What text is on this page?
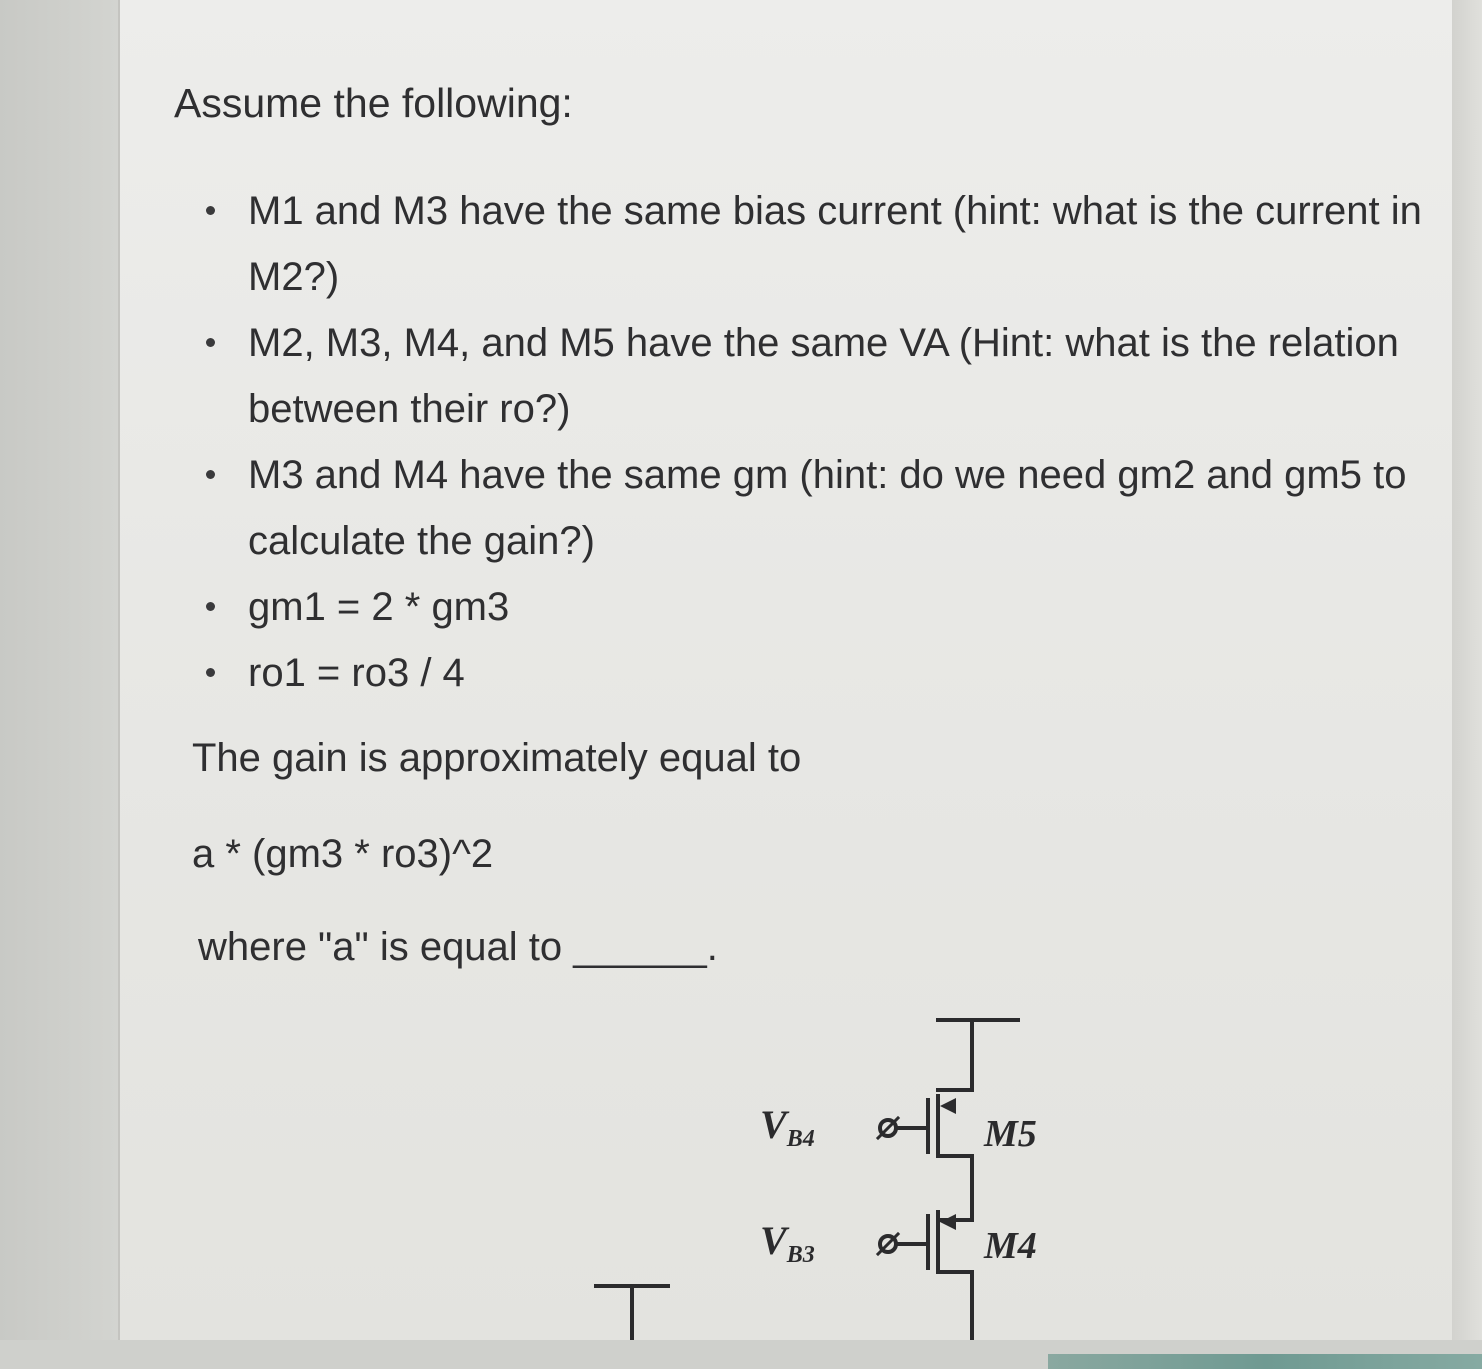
Assume the following:

M1 and M3 have the same bias current (hint: what is the current in M2?)
M2, M3, M4, and M5 have the same VA (Hint: what is the relation between their ro?)
M3 and M4 have the same gm (hint: do we need gm2 and gm5 to calculate the gain?)
gm1 = 2 * gm3
ro1 = ro3 / 4

The gain is approximately equal to

a * (gm3 * ro3)^2

where "a" is equal to ______.

$V_{B4}$
$V_{B3}$
M5
M4
